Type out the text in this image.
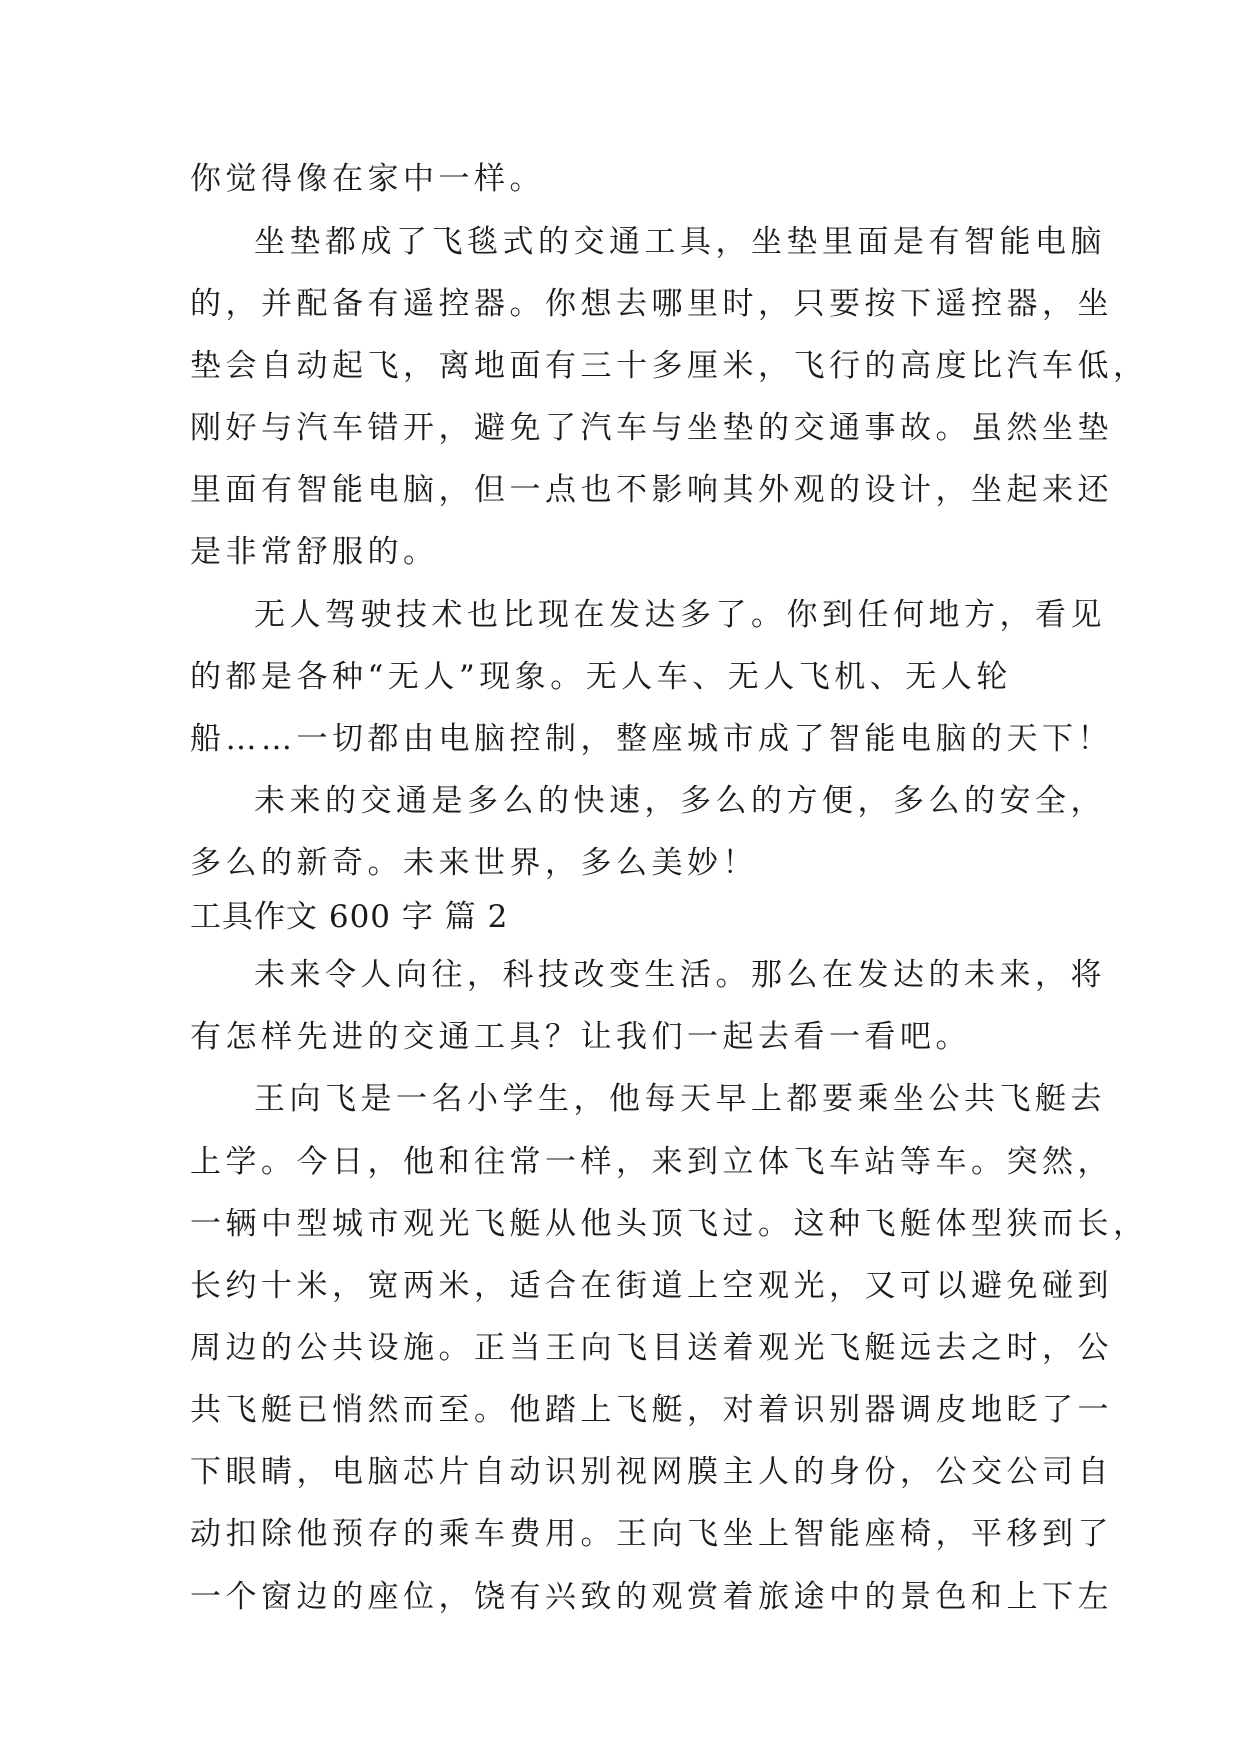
你觉得像在家中一样。
坐垫都成了飞毯式的交通工具，坐垫里面是有智能电脑
的，并配备有遥控器。你想去哪里时，只要按下遥控器，坐
垫会自动起飞，离地面有三十多厘米，飞行的高度比汽车低，
刚好与汽车错开，避免了汽车与坐垫的交通事故。虽然坐垫
里面有智能电脑，但一点也不影响其外观的设计，坐起来还
是非常舒服的。
无人驾驶技术也比现在发达多了。你到任何地方，看见
的都是各种“无人”现象。无人车、无人飞机、无人轮
船……一切都由电脑控制，整座城市成了智能电脑的天下！
未来的交通是多么的快速，多么的方便，多么的安全，
多么的新奇。未来世界，多么美妙！
工具作文 600 字 篇 2
未来令人向往，科技改变生活。那么在发达的未来，将
有怎样先进的交通工具？让我们一起去看一看吧。
王向飞是一名小学生，他每天早上都要乘坐公共飞艇去
上学。今日，他和往常一样，来到立体飞车站等车。突然，
一辆中型城市观光飞艇从他头顶飞过。这种飞艇体型狭而长，
长约十米，宽两米，适合在街道上空观光，又可以避免碰到
周边的公共设施。正当王向飞目送着观光飞艇远去之时，公
共飞艇已悄然而至。他踏上飞艇，对着识别器调皮地眨了一
下眼睛，电脑芯片自动识别视网膜主人的身份，公交公司自
动扣除他预存的乘车费用。王向飞坐上智能座椅，平移到了
一个窗边的座位，饶有兴致的观赏着旅途中的景色和上下左
